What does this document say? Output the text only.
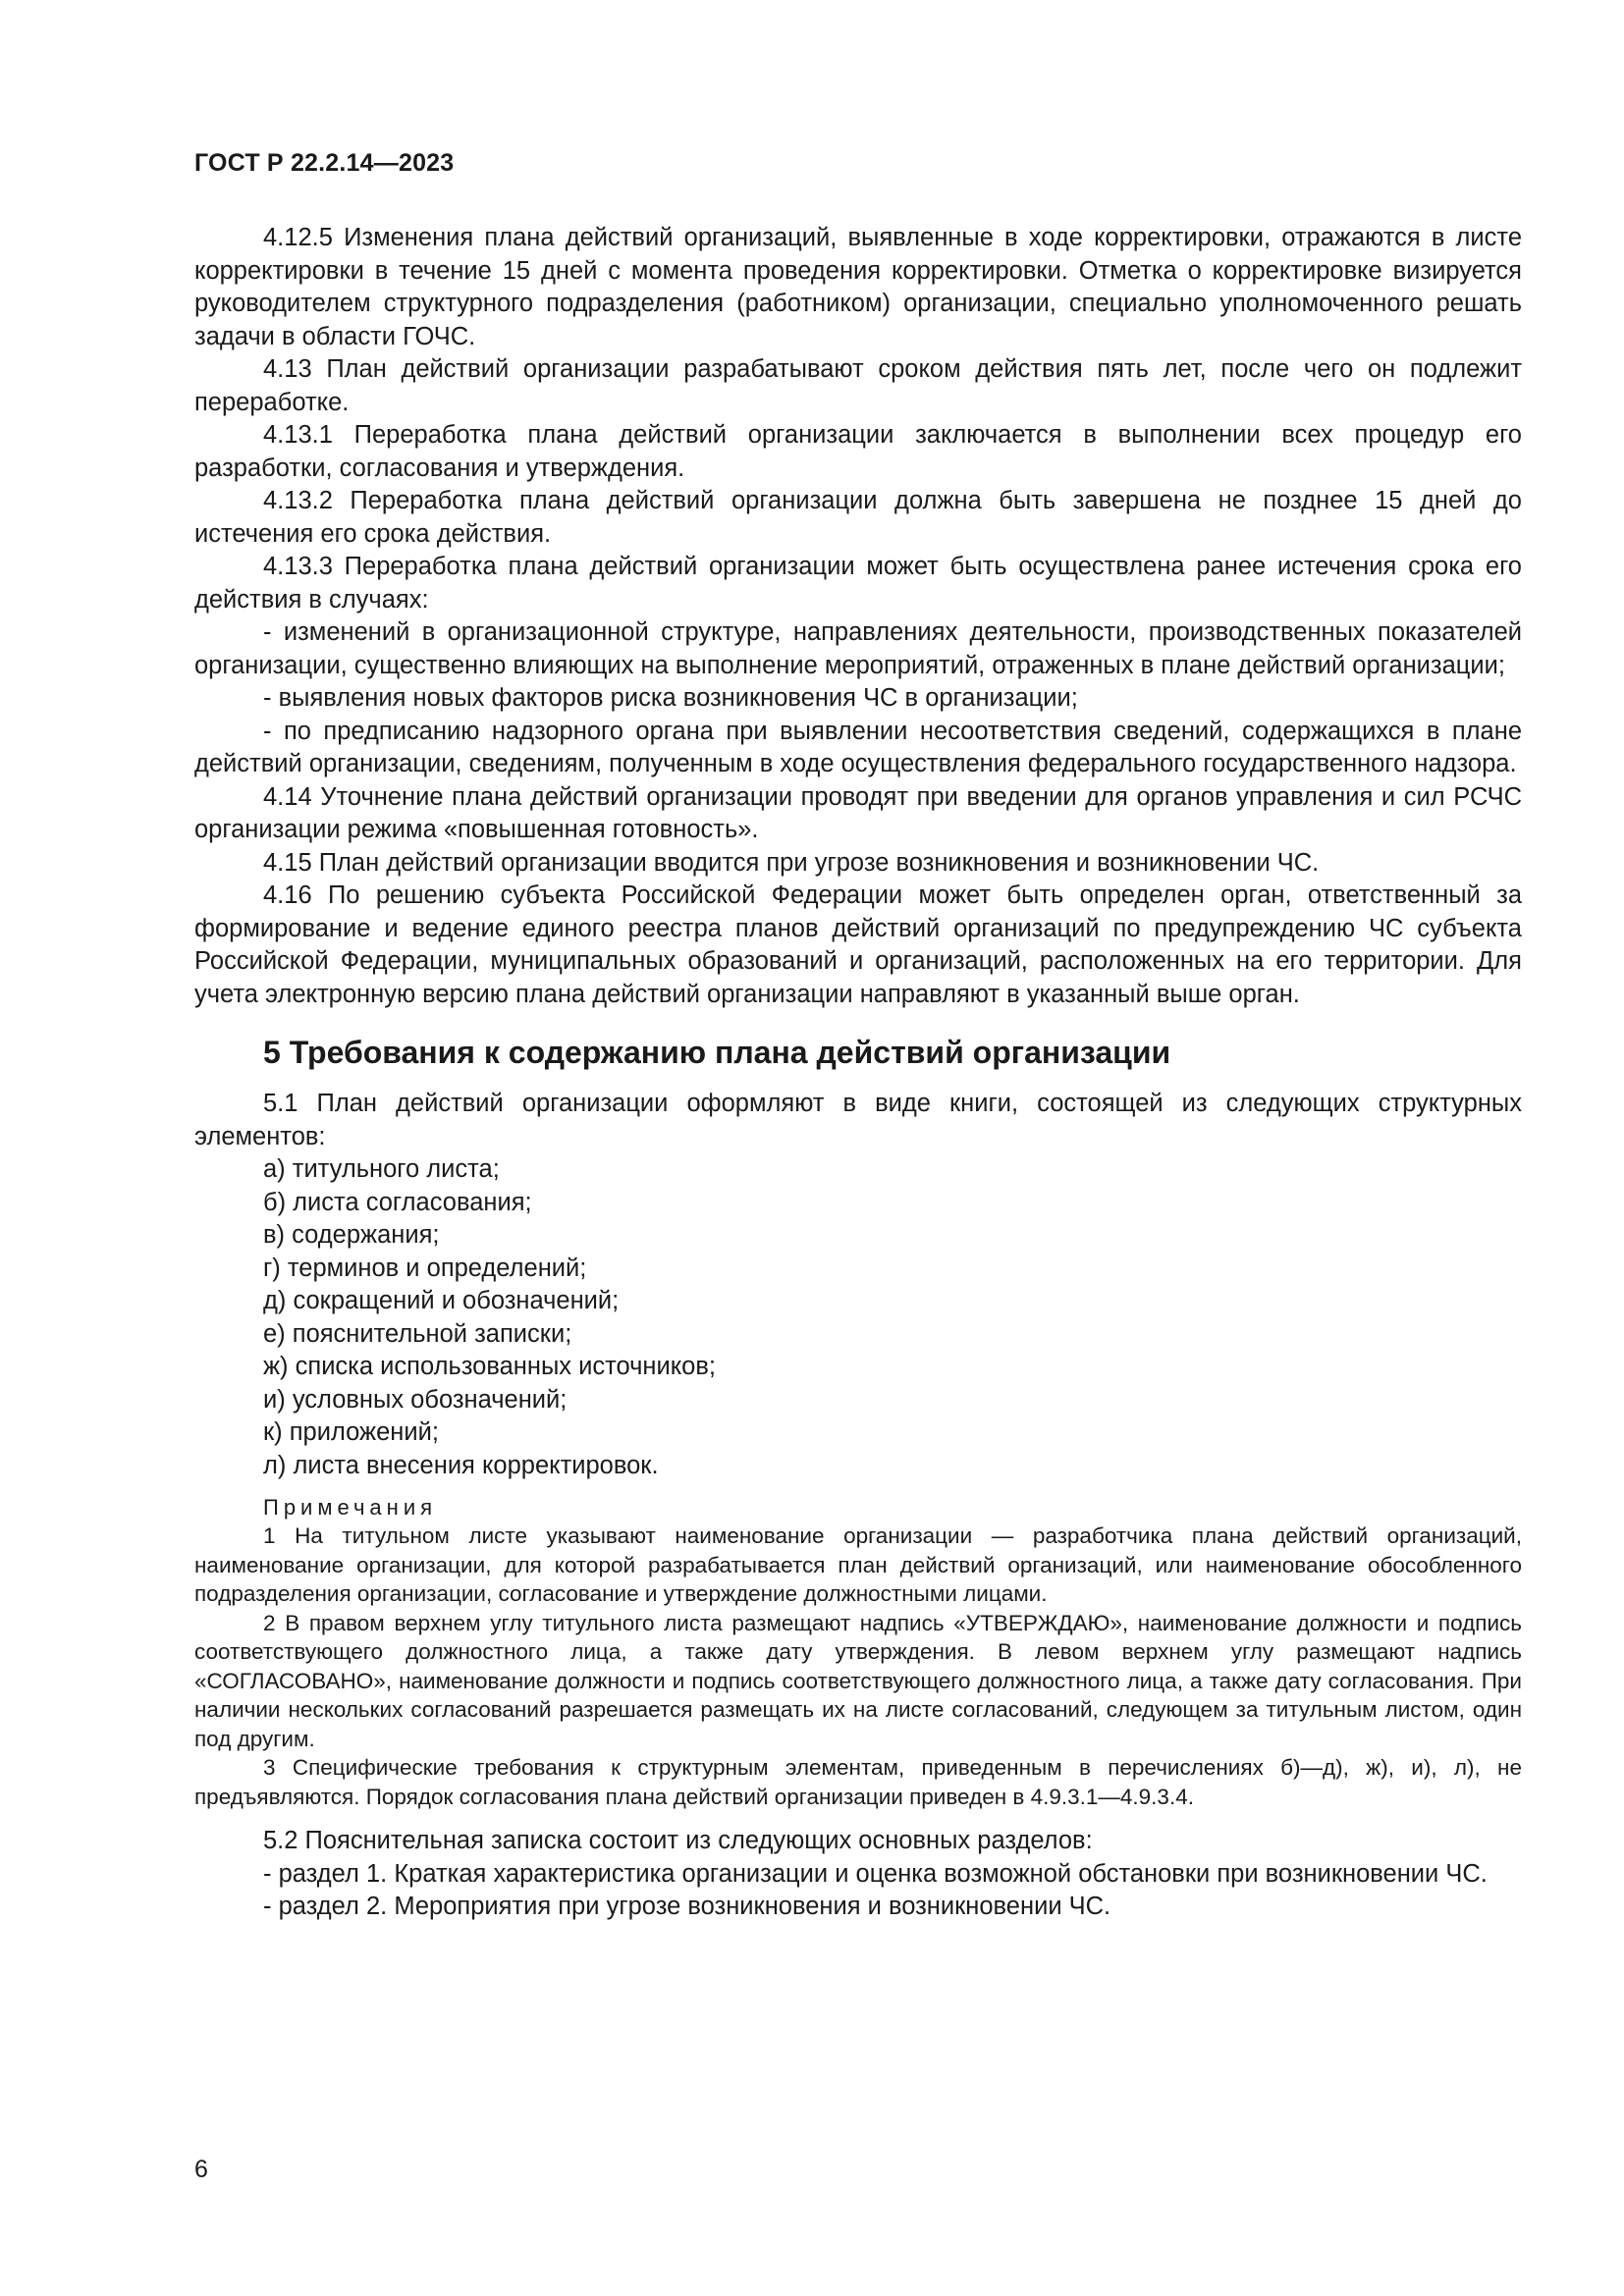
ГОСТ Р 22.2.14—2023

4.12.5 Изменения плана действий организаций, выявленные в ходе корректировки, отражаются в листе корректировки в течение 15 дней с момента проведения корректировки. Отметка о корректировке визируется руководителем структурного подразделения (работником) организации, специально уполномоченного решать задачи в области ГОЧС.

4.13 План действий организации разрабатывают сроком действия пять лет, после чего он подлежит переработке.

4.13.1 Переработка плана действий организации заключается в выполнении всех процедур его разработки, согласования и утверждения.

4.13.2 Переработка плана действий организации должна быть завершена не позднее 15 дней до истечения его срока действия.

4.13.3 Переработка плана действий организации может быть осуществлена ранее истечения срока его действия в случаях:

- изменений в организационной структуре, направлениях деятельности, производственных показателей организации, существенно влияющих на выполнение мероприятий, отраженных в плане действий организации;

- выявления новых факторов риска возникновения ЧС в организации;

- по предписанию надзорного органа при выявлении несоответствия сведений, содержащихся в плане действий организации, сведениям, полученным в ходе осуществления федерального государственного надзора.

4.14 Уточнение плана действий организации проводят при введении для органов управления и сил РСЧС организации режима «повышенная готовность».

4.15 План действий организации вводится при угрозе возникновения и возникновении ЧС.

4.16 По решению субъекта Российской Федерации может быть определен орган, ответственный за формирование и ведение единого реестра планов действий организаций по предупреждению ЧС субъекта Российской Федерации, муниципальных образований и организаций, расположенных на его территории. Для учета электронную версию плана действий организации направляют в указанный выше орган.

5 Требования к содержанию плана действий организации

5.1 План действий организации оформляют в виде книги, состоящей из следующих структурных элементов:

а) титульного листа;

б) листа согласования;

в) содержания;

г) терминов и определений;

д) сокращений и обозначений;

е) пояснительной записки;

ж) списка использованных источников;

и) условных обозначений;

к) приложений;

л) листа внесения корректировок.

Примечания

1 На титульном листе указывают наименование организации — разработчика плана действий организаций, наименование организации, для которой разрабатывается план действий организаций, или наименование обособленного подразделения организации, согласование и утверждение должностными лицами.

2 В правом верхнем углу титульного листа размещают надпись «УТВЕРЖДАЮ», наименование должности и подпись соответствующего должностного лица, а также дату утверждения. В левом верхнем углу размещают надпись «СОГЛАСОВАНО», наименование должности и подпись соответствующего должностного лица, а также дату согласования. При наличии нескольких согласований разрешается размещать их на листе согласований, следующем за титульным листом, один под другим.

3 Специфические требования к структурным элементам, приведенным в перечислениях б)—д), ж), и), л), не предъявляются. Порядок согласования плана действий организации приведен в 4.9.3.1—4.9.3.4.

5.2 Пояснительная записка состоит из следующих основных разделов:

- раздел 1. Краткая характеристика организации и оценка возможной обстановки при возникновении ЧС.

- раздел 2. Мероприятия при угрозе возникновения и возникновении ЧС.

6
